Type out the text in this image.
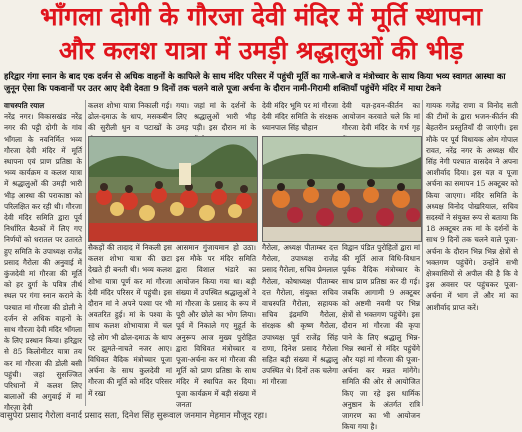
भाँगला दोगी के गौरजा देवी मंदिर में मूर्ति स्थापना
और कलश यात्रा में उमड़ी श्रद्धालुओं की भीड़
हरिद्वार गंगा स्नान के बाद एक दर्जन से अधिक वाहनों के काफिले के साथ मंदिर परिसर में पहुंची मूर्ति का गाजे-बाजे व मंत्रोच्चार के साथ किया भव्य स्वागत आस्था का जुनून ऐसा कि पकवानों पर उतर आए देवी देवता 9 दिनों तक चलने वाले पूजा अर्चना के दौरान नामी-गिरामी शक्तियाँ पहुंचेंगे मंदिर में माथा टेकने

वाचस्पति रयाल

नरेंद्र नगर। विकासखंड नरेंद्र नगर की पट्टी दोगी के गांव भाँगला के नवनिर्मित भव्य गौरजा देवी मंदिर में मूर्ति स्थापना एवं प्राण प्रतिष्ठा के भव्य कार्यक्रम व कलश यात्रा में श्रद्धालुओं की उमड़ी भारी भीड़ आस्था की पराकाष्ठा को परिलक्षित कर रही थी। गौरजा देवी मंदिर समिति द्वारा पूर्व निर्धारित बैठकों में लिए गए निर्णयों को धरातल पर उतारते हुए समिति के उपाध्यक्ष राजेंद्र प्रसाद गैरोला की अनुवाई में कुंजदेवी मां गौरजा की मूर्ति को हर दुर्गा के पवित्र तीर्थ स्थल पर गंगा स्नान कराने के पश्चात मां गौरजा की डोली ने दर्जन से अधिक वाहनों के साथ गौरजा देवी मंदिर भाँगला के लिए प्रस्थान किया। हरिद्वार से 85 किलोमीटर यात्रा तय कर मां गौरजा की डोली बसी पहुंची। जहां सुसज्जित परिधानों में कलश लिए बालाओं की अगुवाई में मां गौरजा देवी

कलश शोभा यात्रा निकाली गई। ढोल-दमाऊ के धाप, मसकबीन की सुरीली धुन व पटाखों के

गया। जहां मां के दर्शनों के लिए श्रद्धालुओं भारी भीड़ उमड़ पड़ी। इस दौरान मां के

देवी मंदिर भूमि पर मां गौरजा देवी मंदिर समिति के संरक्षक ध्यानपाल सिंह चौहान

देवी यज्ञ-हवन-कीर्तन का आयोजन करवाते चले कि मां गौरजा देवी मंदिर के गर्भ गृह

गायक गजेंद्र राणा व विनोद सती की टीमों के द्वारा भजन-कीर्तन की बेहतरीन प्रस्तुतियाँ दी जाएंगी। इस मौके पर पूर्व विधायक ओम गोपाल रावत, नरेंद्र नगर के अध्यक्ष धीर सिंह नेगी पश्चात वासदेव ने अपना आशीर्वाद दिया। इस यज्ञ व पूजा अर्चना का समापन 15 अक्टूबर को किया जाएगा। मंदिर समिति के अध्यक्ष विनोद पोखरियाल, सचिव सदस्यों ने संयुक्त रूप से बताया कि 18 अक्टूबर तक मां के दर्शनों के साथ 9 दिनों तक चलने वाले पूजा-अर्चना के दौरान भिन्न भिन्न क्षेत्रों से भक्तगण पहुंचेंगे। उन्होंने सभी क्षेत्रवासियों से अपील की है कि वे इस अवसर पर पहुंचकर पूजा-अर्चना में भाग लें और मां का आशीर्वाद प्राप्त करें।

सैकड़ों की तादाद में निकली इस कलश शोभा यात्रा की छटा देखते ही बनती थी। भव्य कलश शोभा यात्रा पूर्ण कर मां गौरजा देवी मंदिर परिसर में पहुंची। इस दौरान मां ने अपने पश्वा पर भी अवतरित हुई। मां के पश्वा के साथ कलश शोभायात्रा में चल रहे लोग भी ढोल-दमाऊ के थाप पर झूमते-नाचते नजर आए। विधिवत वैदिक मंत्रोच्चार पूजा अर्चना के साथ कुलदेवी मां गौरजा की मूर्ति को मंदिर परिसर में रखा

आसमान गुंजायमान हो उठा। इस मौके पर मंदिर समिति द्वारा विशाल भंडारे का आयोजन किया गया था। बड़ी संख्या में उपस्थित श्रद्धालुओं ने मां गौरजा के प्रसाद के रूप में पूरी और छोले का भोग लिया। पूर्व में निकाले गए मुहूर्त के अनुरूप आज मुख्य पुरोहित द्वारा विधिवत मंत्रोच्चार व पूजा-अर्चना कर मां गौरजा की मूर्ति को प्राण प्रतिष्ठा के साथ मंदिर में स्थापित कर दिया। पूजा कार्यक्रम में बड़ी संख्या में जनता

गैरोला, अध्यक्ष पीताम्बर दत्त गैरोला, उपाध्यक्ष राजेंद्र प्रसाद गैरोला, सचिव प्रेमलाल गैरोला, कोषाध्यक्ष पीताम्बर दत्त गैरोला, संयुक्त सचिव वाचस्पति गैरोला, सहायक सचिव इंद्रमणि गैरोला, संरक्षक श्री कृष्ण गैरोला, उपाध्यक्ष पूर्व राजेंद्र सिंह राणा, दिनेश प्रसाद गैरोला सहित बड़ी संख्या में श्रद्धालु उपस्थित थे। दिनों तक चलेगा मां गौरजा

विद्वान पंडित पुरोहितों द्वारा मां की मूर्ति आज विधि-विधान पूर्वक वैदिक मंत्रोच्चार के साथ प्राण प्रतिष्ठा कर दी गई। जबकि आगामी 9 अक्टूबर को अष्टमी नवमी पर भिन्न क्षेत्रों से भक्तगण पहुंचेंगे। इस दौरान मां गौरजा की कृपा पाने के लिए श्रद्धालु भिन्न-भिन्न स्थानों से मंदिर पहुंचेंगे और यहां मां गौरजा की पूजा-अर्चना कर मन्नत मांगेंगे। समिति की ओर से आयोजित किए जा रहे इस धार्मिक अनुष्ठान के अंतर्गत रात्रि जागरण का भी आयोजन किया गया है।

वासुपेरा प्रसाद गैरोला वनार्द प्रसाद सता, दिनेश सिंह सुरूवाल जनमान मेहमान मौजूद रहा।
